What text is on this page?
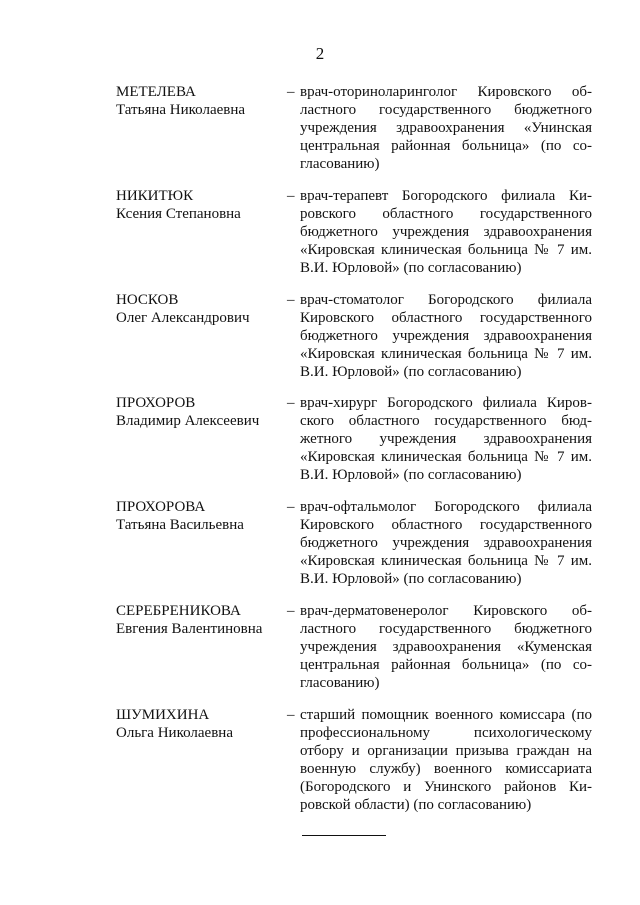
2
МЕТЕЛЕВА
Татьяна Николаевна
– врач-оториноларинголог Кировского областного государственного бюджетного учреждения здравоохранения «Унинская центральная районная больница» (по согласованию)
НИКИТЮК
Ксения Степановна
– врач-терапевт Богородского филиала Кировского областного государственного бюджетного учреждения здравоохранения «Кировская клиническая больница № 7 им. В.И. Юрловой» (по согласованию)
НОСКОВ
Олег Александрович
– врач-стоматолог Богородского филиала Кировского областного государственного бюджетного учреждения здравоохранения «Кировская клиническая больница № 7 им. В.И. Юрловой» (по согласованию)
ПРОХОРОВ
Владимир Алексеевич
– врач-хирург Богородского филиала Кировского областного государственного бюджетного учреждения здравоохранения «Кировская клиническая больница № 7 им. В.И. Юрловой» (по согласованию)
ПРОХОРОВА
Татьяна Васильевна
– врач-офтальмолог Богородского филиала Кировского областного государственного бюджетного учреждения здравоохранения «Кировская клиническая больница № 7 им. В.И. Юрловой» (по согласованию)
СЕРЕБРЕНИКОВА
Евгения Валентиновна
– врач-дерматовенеролог Кировского областного государственного бюджетного учреждения здравоохранения «Куменская центральная районная больница» (по согласованию)
ШУМИХИНА
Ольга Николаевна
– старший помощник военного комиссара (по профессиональному психологическому отбору и организации призыва граждан на военную службу) военного комиссариата (Богородского и Унинского районов Кировской области) (по согласованию)
